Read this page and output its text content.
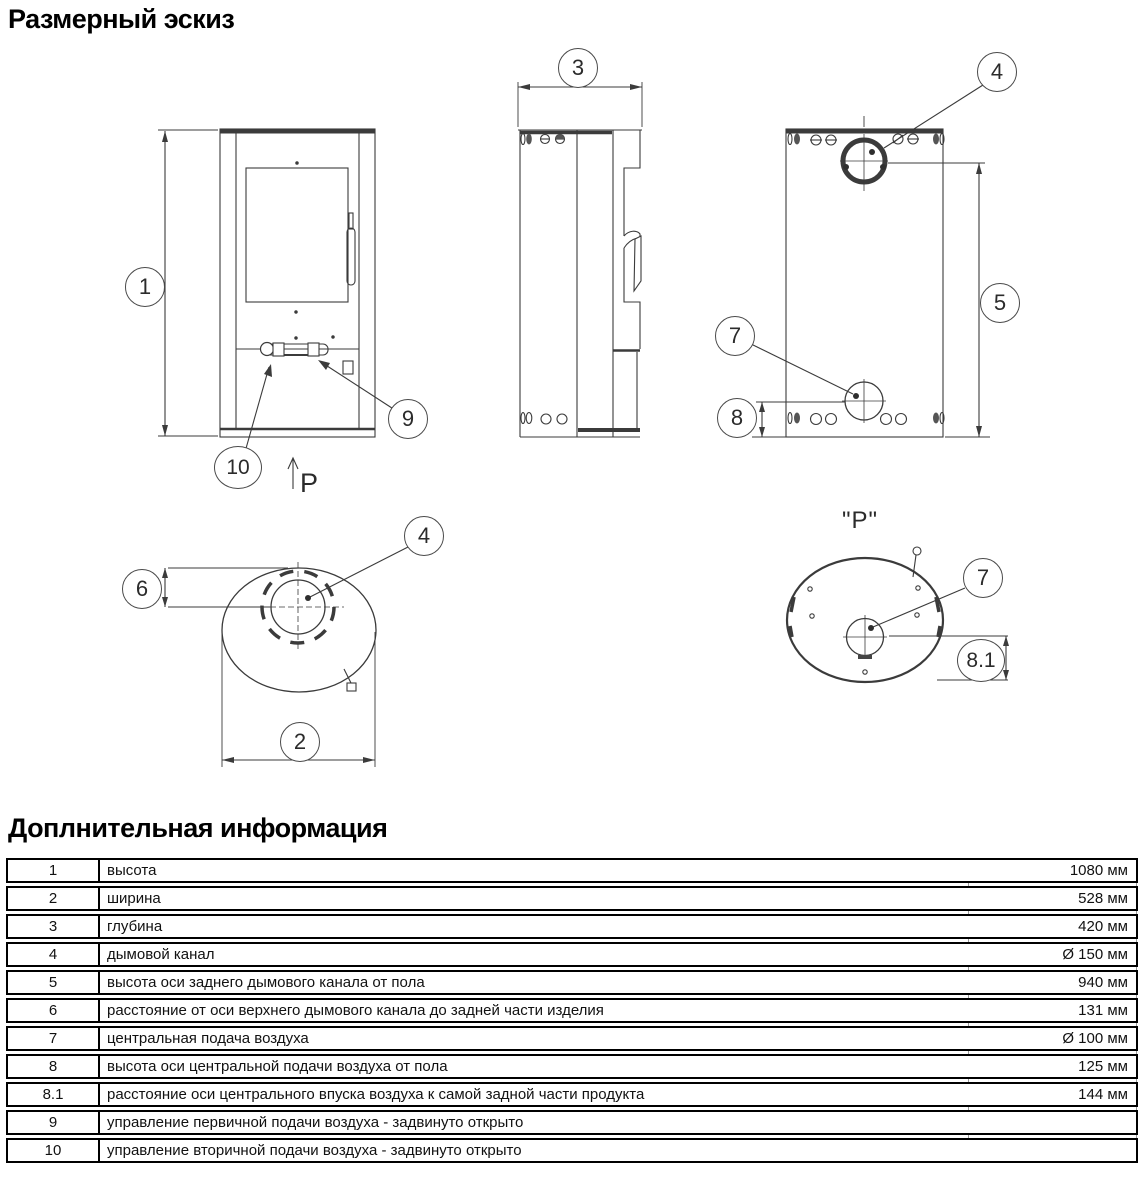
Размерный эскиз
Доплнительная информация
1
3	4
5
7
8
9
10
4
6
2
7
8.1
P
"P"
1	высота	1080 мм
2	ширина	528 мм
3	глубина	420 мм
4	дымовой канал	Ø 150 мм
5	высота оси заднего дымового канала от пола	940 мм
6	расстояние от оси верхнего дымового канала до задней части изделия	131 мм
7	центральная подача воздуха	Ø 100 мм
8	высота оси центральной подачи воздуха от пола	125 мм
8.1	расстояние оси центрального впуска воздуха к самой задной части продукта	144 мм
9	управление первичной подачи воздуха - задвинуто открыто
10	управление вторичной подачи воздуха - задвинуто открыто
